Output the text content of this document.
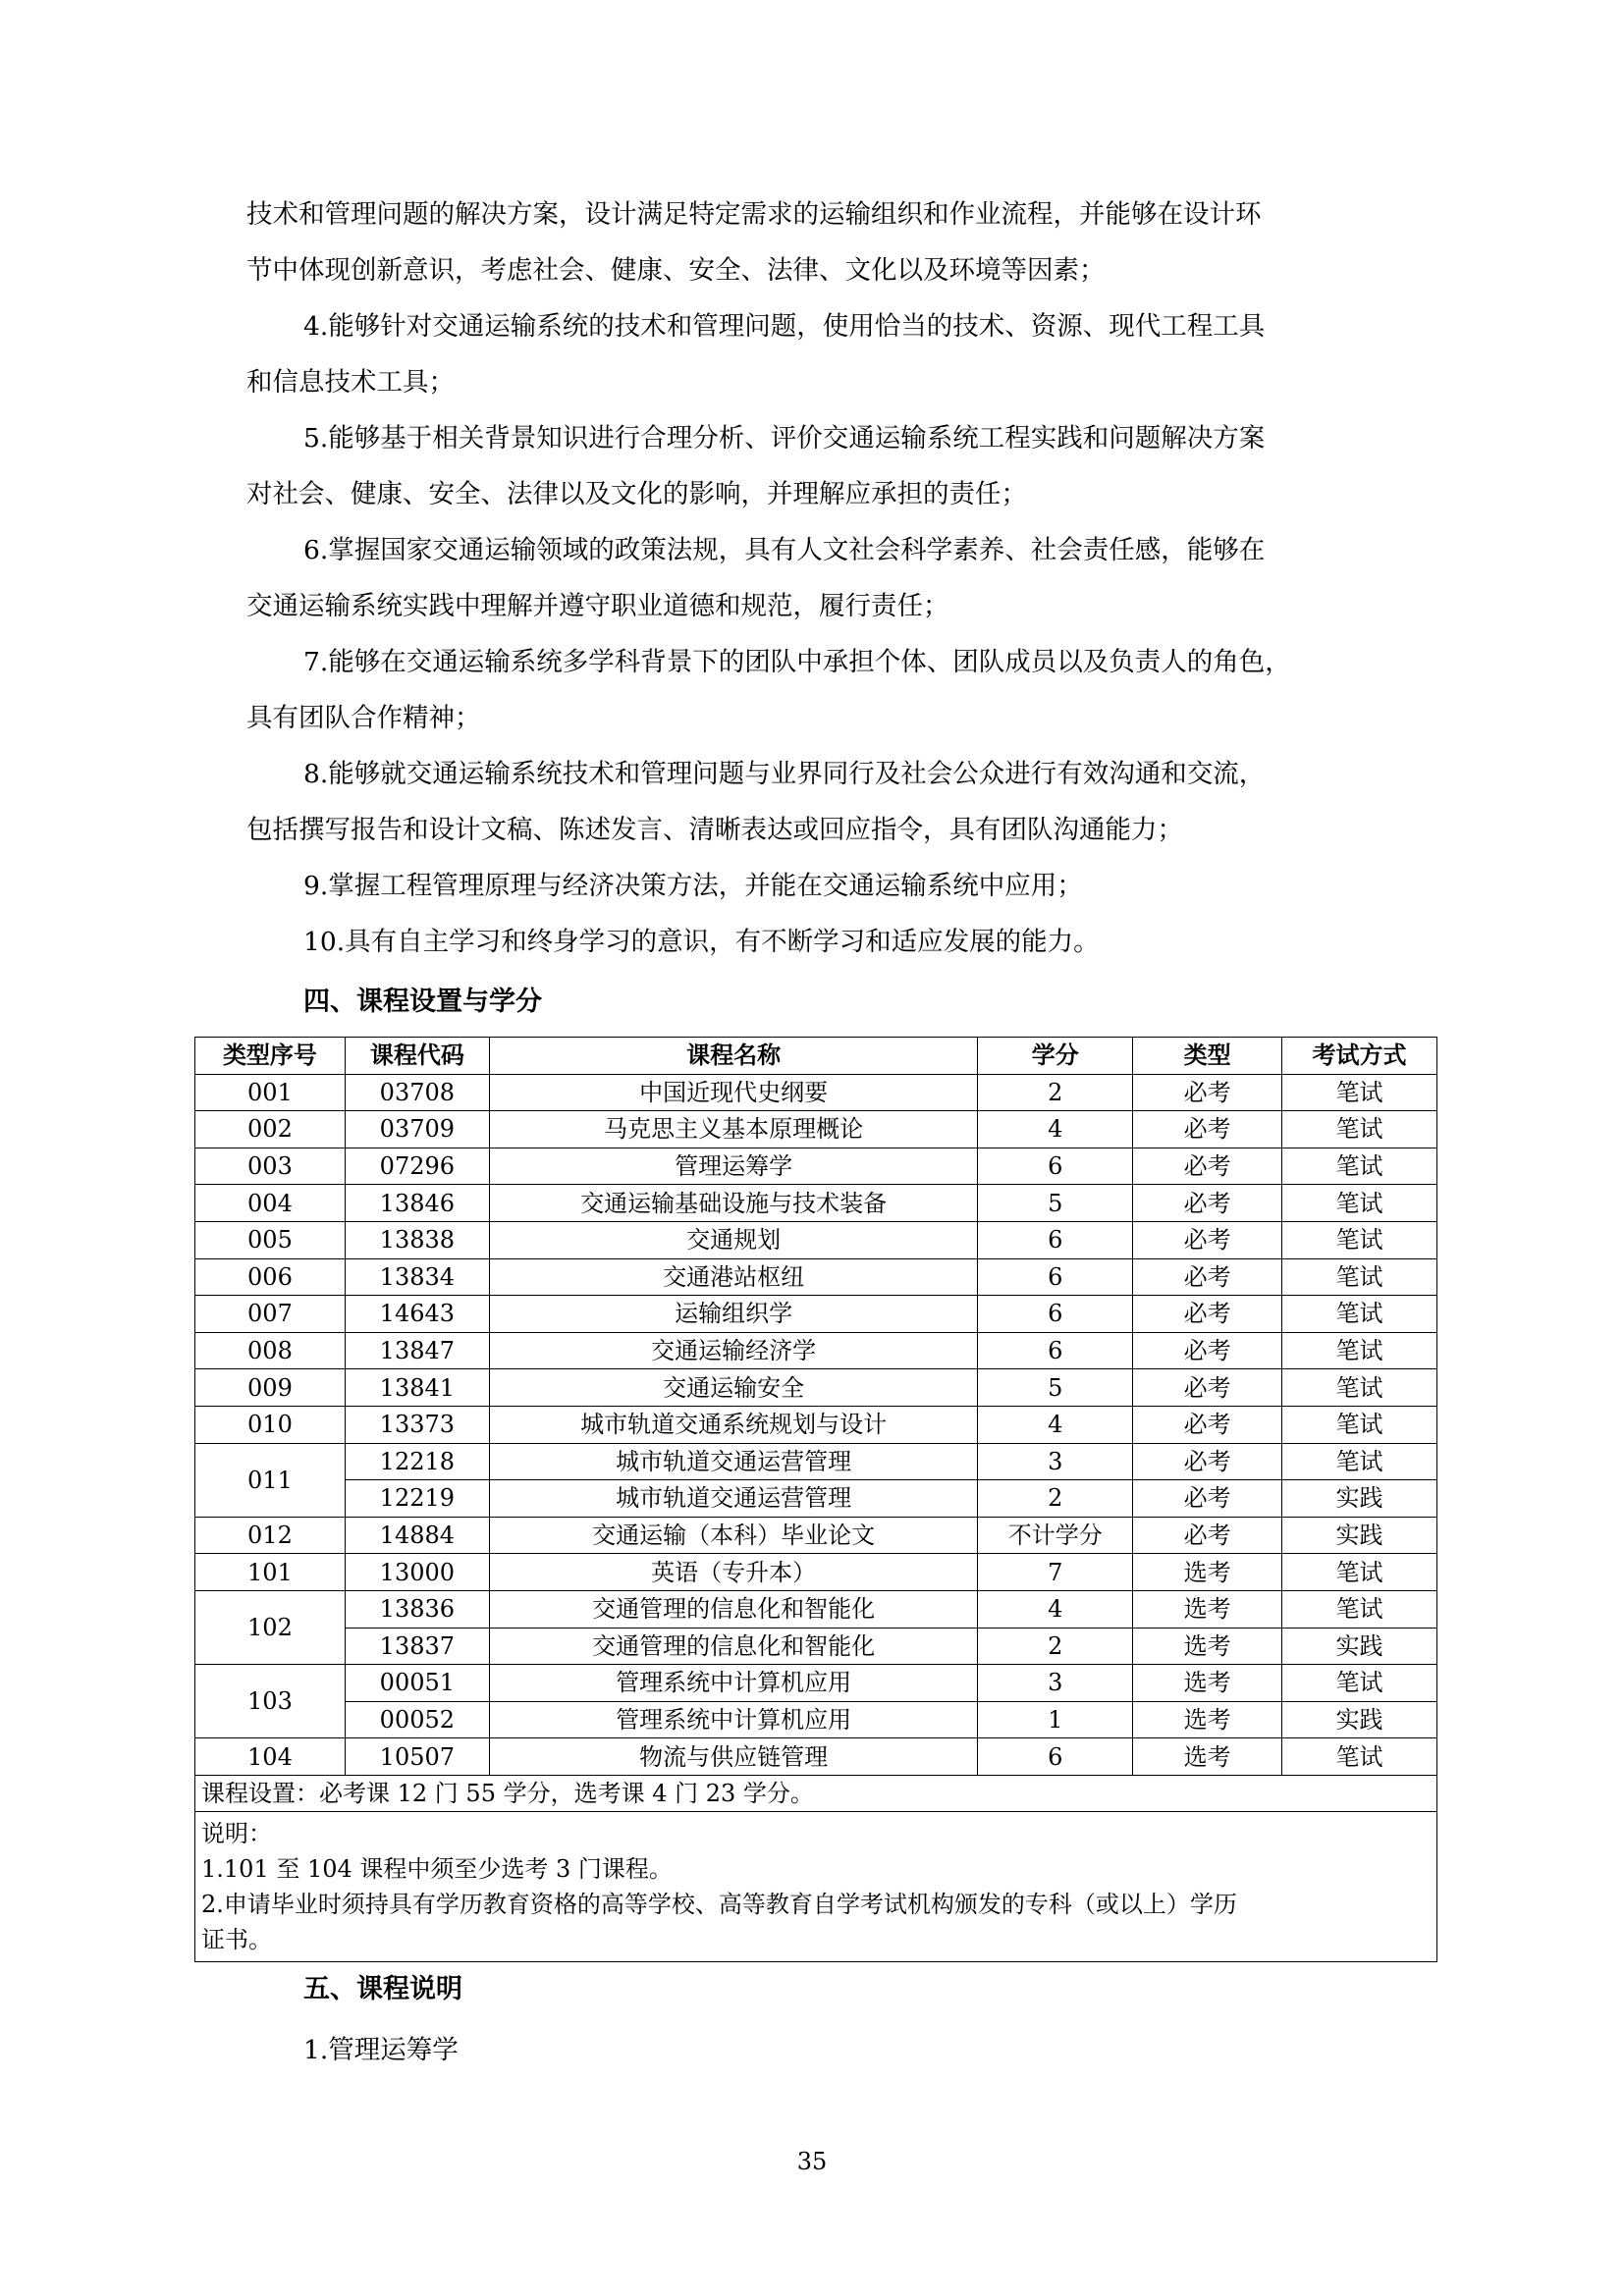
技术和管理问题的解决方案，设计满足特定需求的运输组织和作业流程，并能够在设计环
节中体现创新意识，考虑社会、健康、安全、法律、文化以及环境等因素；
4.能够针对交通运输系统的技术和管理问题，使用恰当的技术、资源、现代工程工具
和信息技术工具；
5.能够基于相关背景知识进行合理分析、评价交通运输系统工程实践和问题解决方案
对社会、健康、安全、法律以及文化的影响，并理解应承担的责任；
6.掌握国家交通运输领域的政策法规，具有人文社会科学素养、社会责任感，能够在
交通运输系统实践中理解并遵守职业道德和规范，履行责任；
7.能够在交通运输系统多学科背景下的团队中承担个体、团队成员以及负责人的角色，
具有团队合作精神；
8.能够就交通运输系统技术和管理问题与业界同行及社会公众进行有效沟通和交流，
包括撰写报告和设计文稿、陈述发言、清晰表达或回应指令，具有团队沟通能力；
9.掌握工程管理原理与经济决策方法，并能在交通运输系统中应用；
10.具有自主学习和终身学习的意识，有不断学习和适应发展的能力。
四、课程设置与学分
类型序号	课程代码	课程名称	学分	类型	考试方式
001	03708	中国近现代史纲要	2	必考	笔试
002	03709	马克思主义基本原理概论	4	必考	笔试
003	07296	管理运筹学	6	必考	笔试
004	13846	交通运输基础设施与技术装备	5	必考	笔试
005	13838	交通规划	6	必考	笔试
006	13834	交通港站枢纽	6	必考	笔试
007	14643	运输组织学	6	必考	笔试
008	13847	交通运输经济学	6	必考	笔试
009	13841	交通运输安全	5	必考	笔试
010	13373	城市轨道交通系统规划与设计	4	必考	笔试
011	12218	城市轨道交通运营管理	3	必考	笔试
	12219	城市轨道交通运营管理	2	必考	实践
012	14884	交通运输（本科）毕业论文	不计学分	必考	实践
101	13000	英语（专升本）	7	选考	笔试
102	13836	交通管理的信息化和智能化	4	选考	笔试
	13837	交通管理的信息化和智能化	2	选考	实践
103	00051	管理系统中计算机应用	3	选考	笔试
	00052	管理系统中计算机应用	1	选考	实践
104	10507	物流与供应链管理	6	选考	笔试
课程设置：必考课 12 门 55 学分，选考课 4 门 23 学分。					

说明：
1.101 至 104 课程中须至少选考 3 门课程。
2.申请毕业时须持具有学历教育资格的高等学校、高等教育自学考试机构颁发的专科（或以上）学历
证书。					
五、课程说明
1.管理运筹学
35
